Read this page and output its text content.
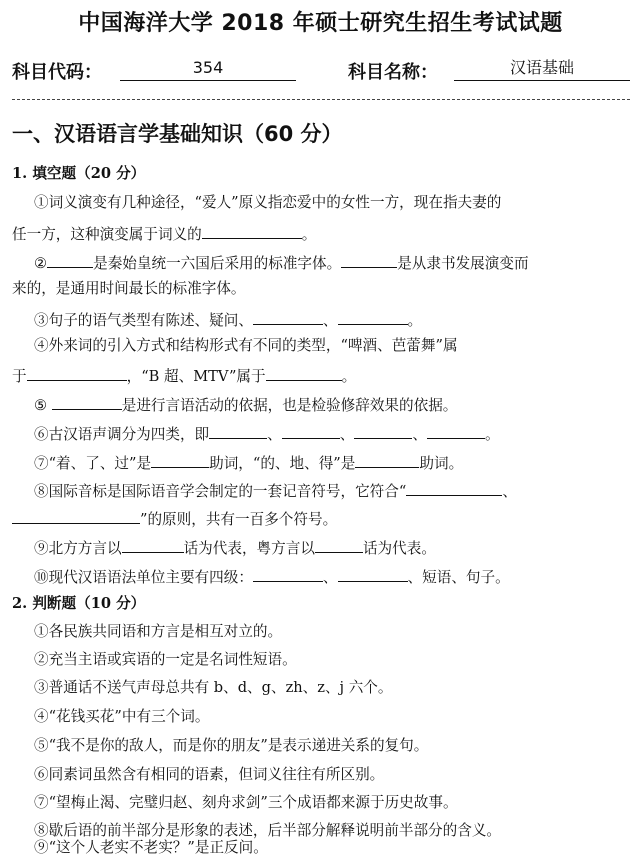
中国海洋大学 2018 年硕士研究生招生考试试题
科目代码：	354	科目名称：	汉语基础
一、汉语语言学基础知识（60 分）
1. 填空题（20 分）
①词义演变有几种途径，“爱人”原义指恋爱中的女性一方，现在指夫妻的
任一方，这种演变属于词义的	。
②	是秦始皇统一六国后采用的标准字体。	是从隶书发展演变而
来的，是通用时间最长的标准字体。
③句子的语气类型有陈述、疑问、	、	。
④外来词的引入方式和结构形式有不同的类型，“啤酒、芭蕾舞”属
于	，“B 超、MTV”属于	。
⑤	是进行言语活动的依据，也是检验修辞效果的依据。
⑥古汉语声调分为四类，即	、	、	、	。
⑦“着、了、过”是	助词，“的、地、得”是	助词。
⑧国际音标是国际语音学会制定的一套记音符号，它符合“	、
”的原则，共有一百多个符号。
⑨北方方言以	话为代表，粤方言以	话为代表。
⑩现代汉语语法单位主要有四级：	、	、短语、句子。
2. 判断题（10 分）
①各民族共同语和方言是相互对立的。
②充当主语或宾语的一定是名词性短语。
③普通话不送气声母总共有 b、d、g、zh、z、j 六个。
④“花钱买花”中有三个词。
⑤“我不是你的敌人，而是你的朋友”是表示递进关系的复句。
⑥同素词虽然含有相同的语素，但词义往往有所区别。
⑦“望梅止渴、完璧归赵、刻舟求剑”三个成语都来源于历史故事。
⑧歇后语的前半部分是形象的表述，后半部分解释说明前半部分的含义。
⑨“这个人老实不老实？”是正反问。
